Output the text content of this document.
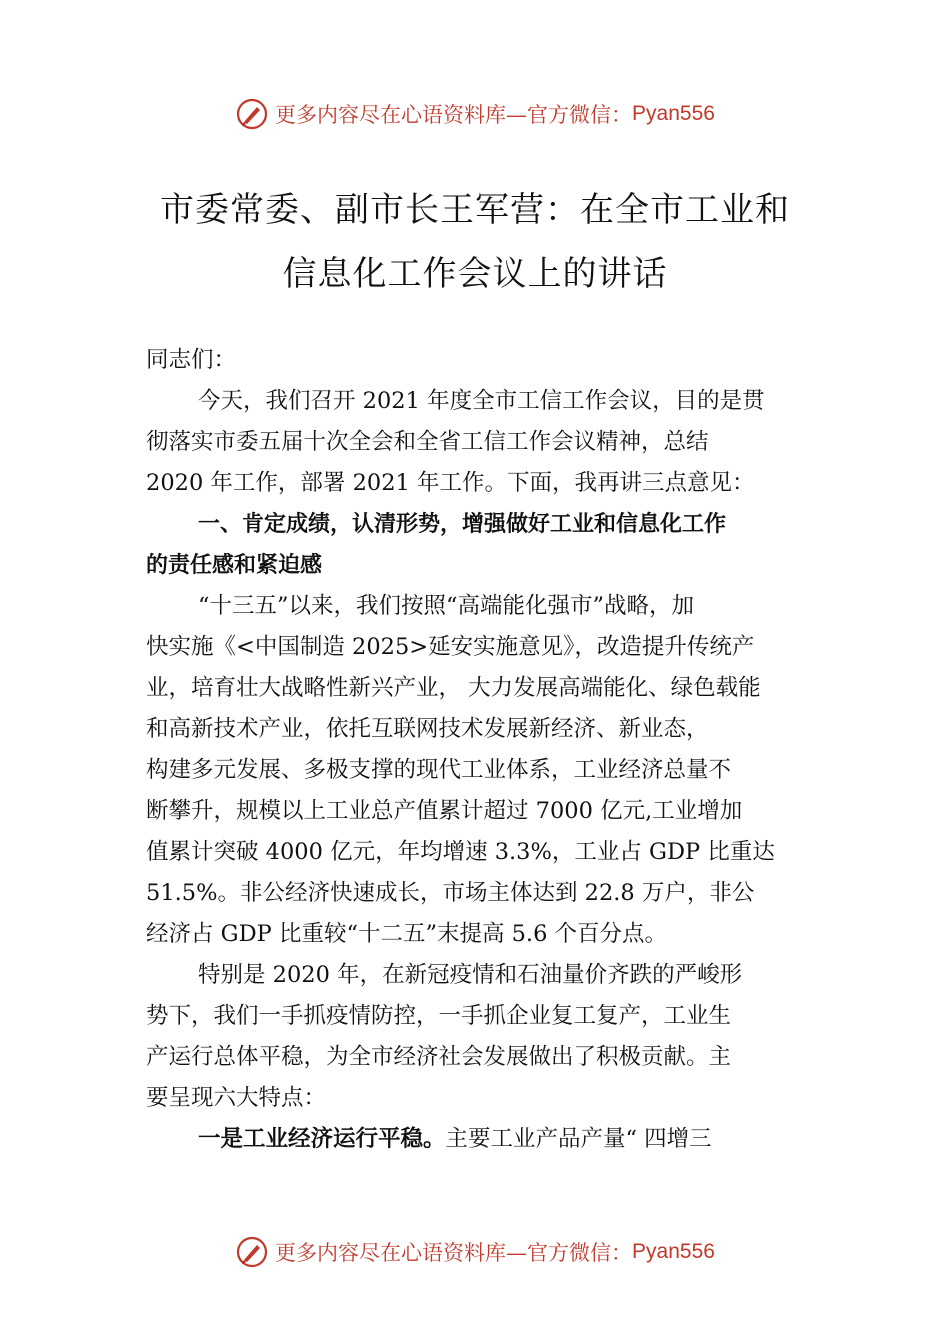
更多内容尽在心语资料库—官方微信： Pyan556
市委常委、副市长王军营：在全市工业和
信息化工作会议上的讲话
同志们：
今天，我们召开 2021 年度全市工信工作会议，目的是贯
彻落实市委五届十次全会和全省工信工作会议精神，总结
2020 年工作，部署 2021 年工作。下面，我再讲三点意见：
一、肯定成绩，认清形势，增强做好工业和信息化工作
的责任感和紧迫感
“十三五”以来，我们按照“高端能化强市”战略，加
快实施《<中国制造 2025>延安实施意见》，改造提升传统产
业，培育壮大战略性新兴产业， 大力发展高端能化、绿色载能
和高新技术产业，依托互联网技术发展新经济、新业态，
构建多元发展、多极支撑的现代工业体系，工业经济总量不
断攀升，规模以上工业总产值累计超过 7000 亿元,工业增加
值累计突破 4000 亿元，年均增速 3.3%，工业占 GDP 比重达
51.5%。非公经济快速成长，市场主体达到 22.8 万户，非公
经济占 GDP 比重较“十二五”末提高 5.6 个百分点。
特别是 2020 年，在新冠疫情和石油量价齐跌的严峻形
势下，我们一手抓疫情防控，一手抓企业复工复产，工业生
产运行总体平稳，为全市经济社会发展做出了积极贡献。主
要呈现六大特点：
一是工业经济运行平稳。主要工业产品产量“ 四增三
更多内容尽在心语资料库—官方微信： Pyan556
